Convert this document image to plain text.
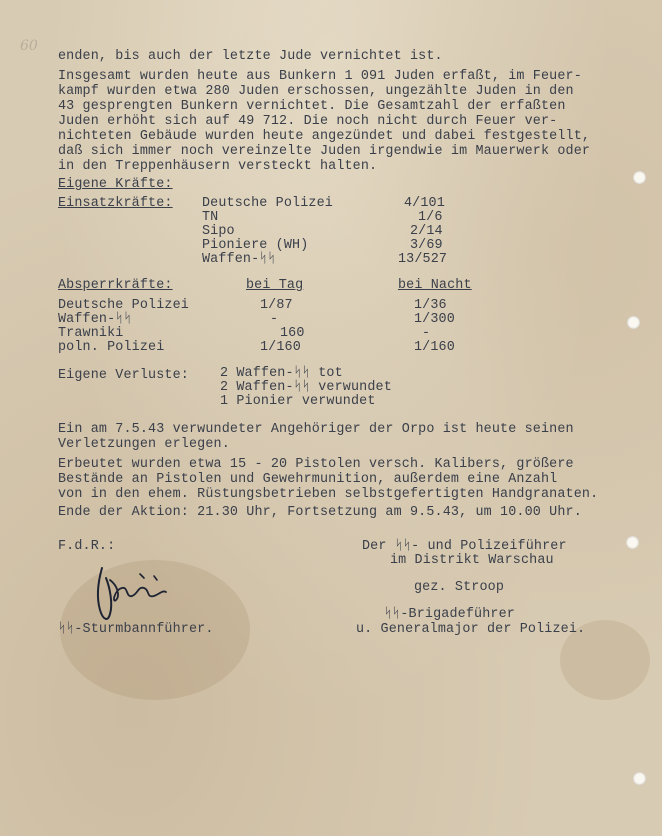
60
enden, bis auch der letzte Jude vernichtet ist.
Insgesamt wurden heute aus Bunkern 1 091 Juden erfaßt, im Feuer-
kampf wurden etwa 280 Juden erschossen, ungezählte Juden in den
43 gesprengten Bunkern vernichtet. Die Gesamtzahl der erfaßten
Juden erhöht sich auf 49 712. Die noch nicht durch Feuer ver-
nichteten Gebäude wurden heute angezündet und dabei festgestellt,
daß sich immer noch vereinzelte Juden irgendwie im Mauerwerk oder
in den Treppenhäusern versteckt halten.
Eigene Kräfte:
Einsatzkräfte: Deutsche Polizei	4/101
TN	1/6
Sipo	2/14
Pioniere (WH)	3/69
Waffen-ᛋᛋ	13/527
Absperrkräfte:	bei Tag	bei Nacht
Deutsche Polizei	1/87	1/36
Waffen-ᛋᛋ	-	1/300
Trawniki	160	-
poln. Polizei	1/160	1/160
Eigene Verluste: 2 Waffen-ᛋᛋ tot
2 Waffen-ᛋᛋ verwundet
1 Pionier verwundet
Ein am 7.5.43 verwundeter Angehöriger der Orpo ist heute seinen
Verletzungen erlegen.
Erbeutet wurden etwa 15 - 20 Pistolen versch. Kalibers, größere
Bestände an Pistolen und Gewehrmunition, außerdem eine Anzahl
von in den ehem. Rüstungsbetrieben selbstgefertigten Handgranaten.
Ende der Aktion: 21.30 Uhr, Fortsetzung am 9.5.43, um 10.00 Uhr.
F.d.R.:	Der ᛋᛋ- und Polizeiführer
im Distrikt Warschau
gez. Stroop
ᛋᛋ-Brigadeführer
u. Generalmajor der Polizei.
ᛋᛋ-Sturmbannführer.
